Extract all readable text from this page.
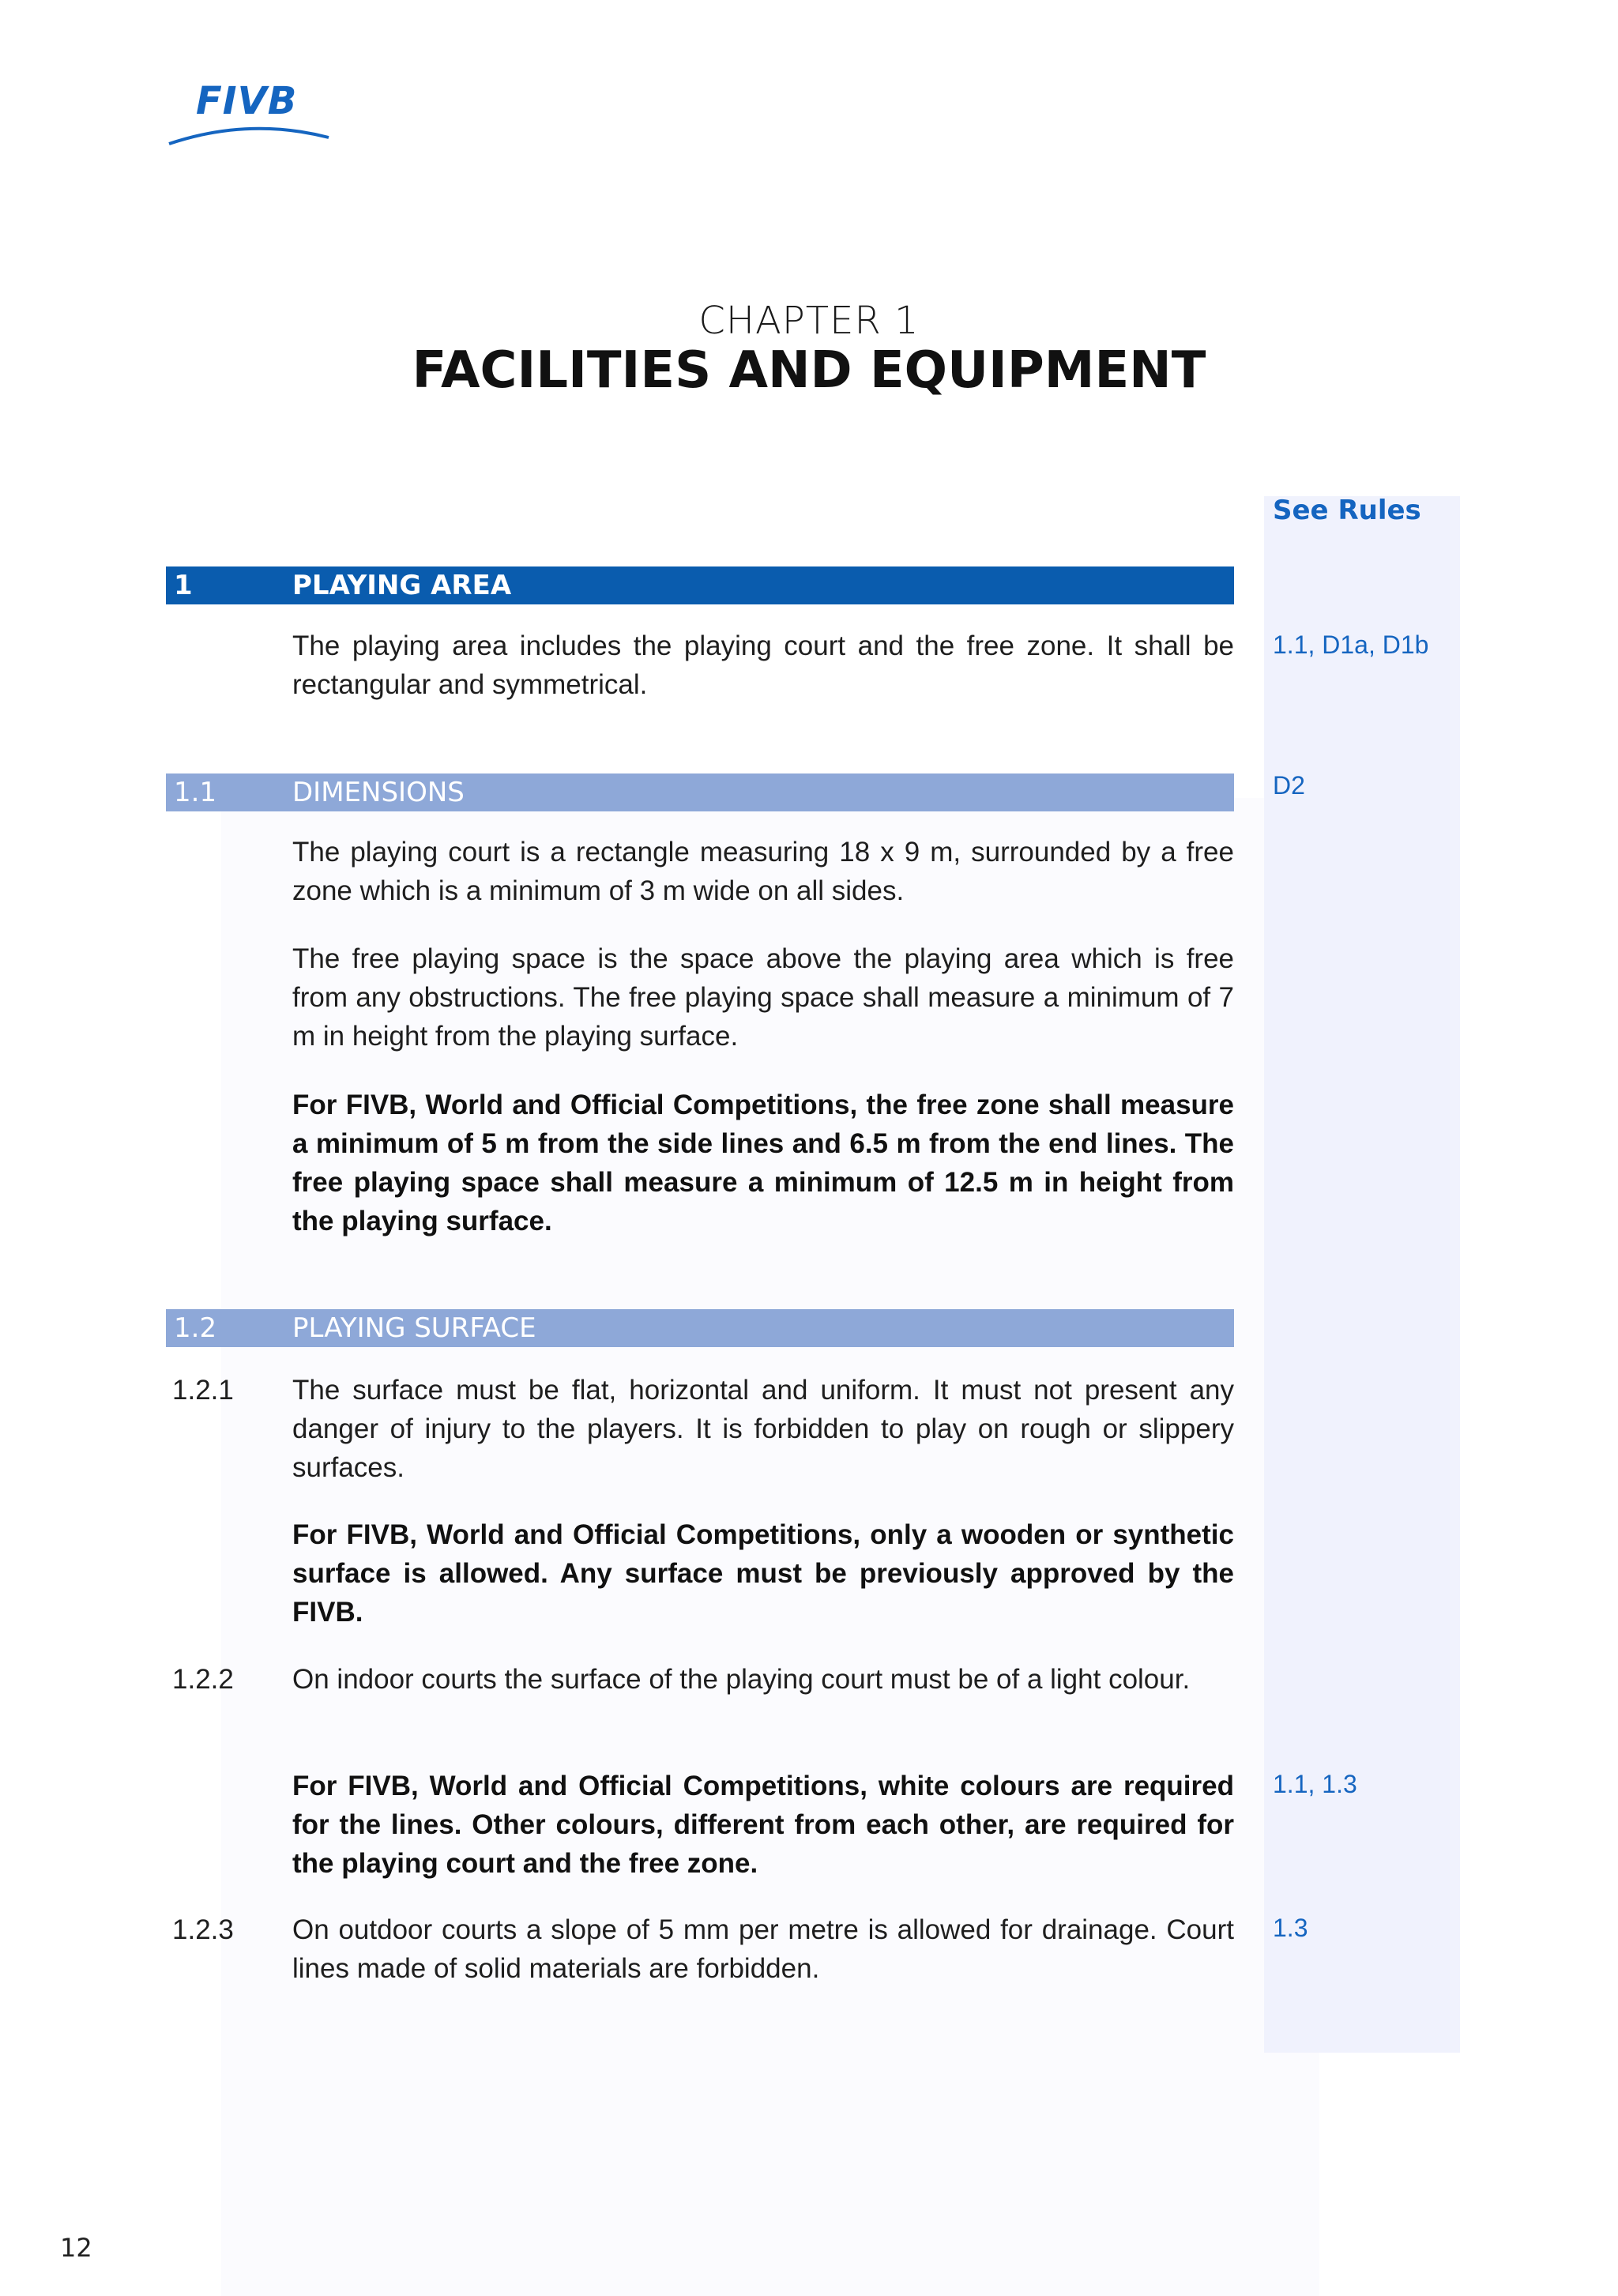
FIVB
CHAPTER 1
FACILITIES AND EQUIPMENT
See Rules
1	PLAYING AREA
The playing area includes the playing court and the free zone. It shall be rectangular and symmetrical.
1.1, D1a, D1b
1.1	DIMENSIONS	D2
The playing court is a rectangle measuring 18 x 9 m, surrounded by a free zone which is a minimum of 3 m wide on all sides.
The free playing space is the space above the playing area which is free from any obstructions. The free playing space shall measure a minimum of 7 m in height from the playing surface.
For FIVB, World and Official Competitions, the free zone shall measure a minimum of 5 m from the side lines and 6.5 m from the end lines. The free playing space shall measure a minimum of 12.5 m in height from the playing surface.
1.2	PLAYING SURFACE
1.2.1 The surface must be flat, horizontal and uniform. It must not present any danger of injury to the players. It is forbidden to play on rough or slippery surfaces.
For FIVB, World and Official Competitions, only a wooden or synthetic surface is allowed. Any surface must be previously approved by the FIVB.
1.2.2 On indoor courts the surface of the playing court must be of a light colour.
For FIVB, World and Official Competitions, white colours are required for the lines. Other colours, different from each other, are required for the playing court and the free zone.
1.1, 1.3
1.2.3 On outdoor courts a slope of 5 mm per metre is allowed for drainage. Court lines made of solid materials are forbidden.
1.3
12
